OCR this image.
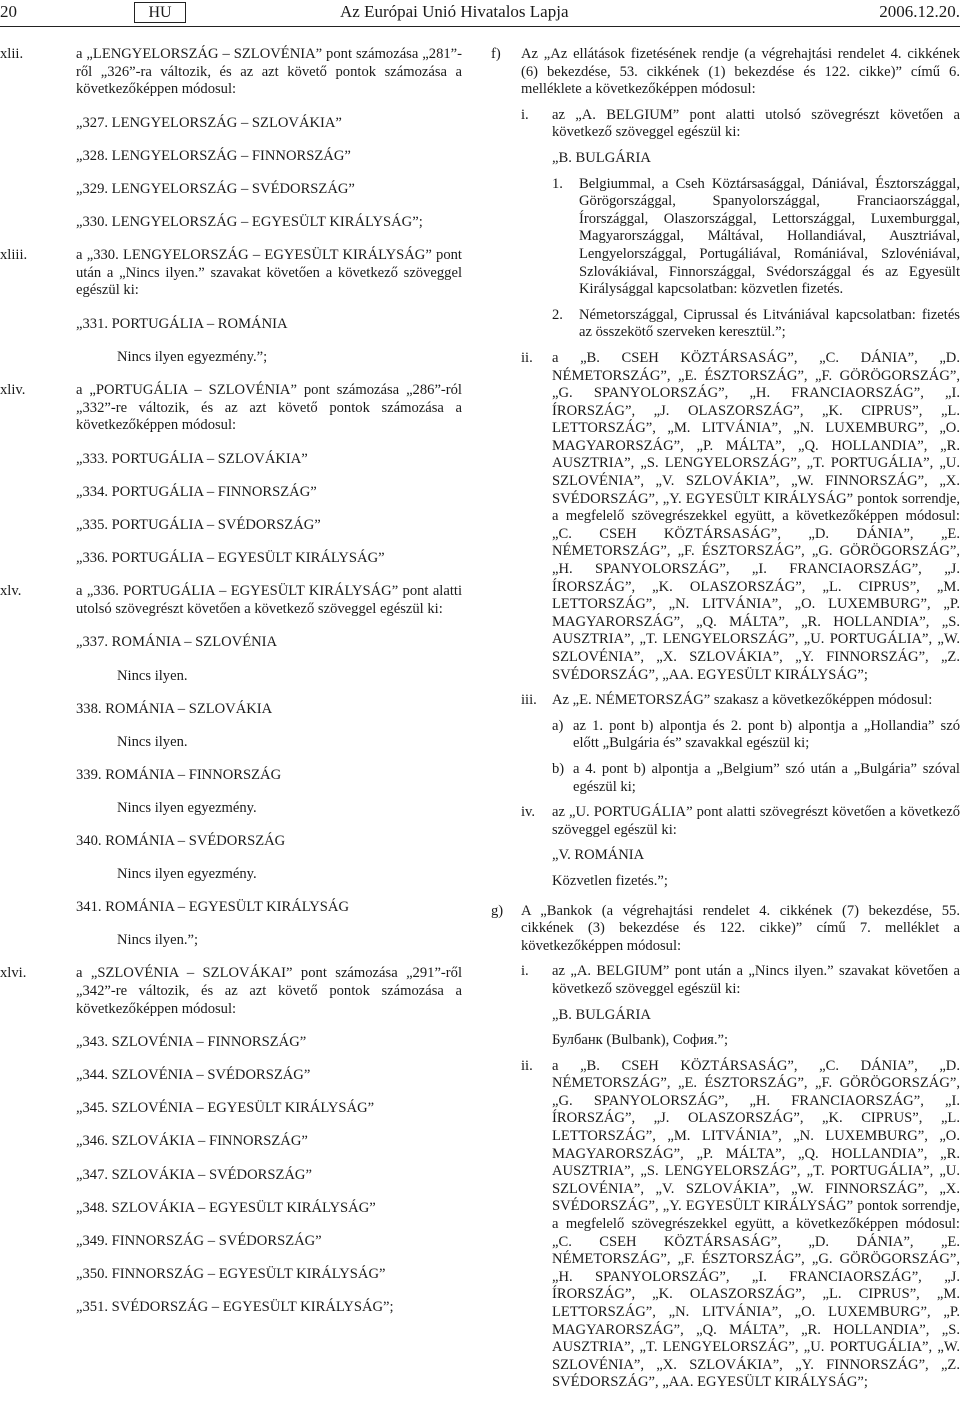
20	HU	Az Európai Unió Hivatalos Lapja	2006.12.20.
xlii.	a „LENGYELORSZÁG – SZLOVÉNIA” pont számozása „281”-ről „326”-ra változik, és az azt követő pontok számozása a következőképpen módosul:
„327. LENGYELORSZÁG – SZLOVÁKIA”
„328. LENGYELORSZÁG – FINNORSZÁG”
„329. LENGYELORSZÁG – SVÉDORSZÁG”
„330. LENGYELORSZÁG – EGYESÜLT KIRÁLYSÁG”;
xliii.	a „330. LENGYELORSZÁG – EGYESÜLT KIRÁLYSÁG” pont után a „Nincs ilyen.” szavakat követően a következő szöveggel egészül ki:
„331. PORTUGÁLIA – ROMÁNIA
Nincs ilyen egyezmény.”;
xliv.	a „PORTUGÁLIA – SZLOVÉNIA” pont számozása „286”-ról „332”-re változik, és az azt követő pontok számozása a következőképpen módosul:
„333. PORTUGÁLIA – SZLOVÁKIA”
„334. PORTUGÁLIA – FINNORSZÁG”
„335. PORTUGÁLIA – SVÉDORSZÁG”
„336. PORTUGÁLIA – EGYESÜLT KIRÁLYSÁG”
xlv.	a „336. PORTUGÁLIA – EGYESÜLT KIRÁLYSÁG” pont alatti utolsó szövegrészt követően a következő szöveggel egészül ki:
„337. ROMÁNIA – SZLOVÉNIA
Nincs ilyen.
338. ROMÁNIA – SZLOVÁKIA
Nincs ilyen.
339. ROMÁNIA – FINNORSZÁG
Nincs ilyen egyezmény.
340. ROMÁNIA – SVÉDORSZÁG
Nincs ilyen egyezmény.
341. ROMÁNIA – EGYESÜLT KIRÁLYSÁG
Nincs ilyen.”;
xlvi.	a „SZLOVÉNIA – SZLOVÁKAI” pont számozása „291”-ről „342”-re változik, és az azt követő pontok számozása a következőképpen módosul:
„343. SZLOVÉNIA – FINNORSZÁG”
„344. SZLOVÉNIA – SVÉDORSZÁG”
„345. SZLOVÉNIA – EGYESÜLT KIRÁLYSÁG”
„346. SZLOVÁKIA – FINNORSZÁG”
„347. SZLOVÁKIA – SVÉDORSZÁG”
„348. SZLOVÁKIA – EGYESÜLT KIRÁLYSÁG”
„349. FINNORSZÁG – SVÉDORSZÁG”
„350. FINNORSZÁG – EGYESÜLT KIRÁLYSÁG”
„351. SVÉDORSZÁG – EGYESÜLT KIRÁLYSÁG”;
f) Az „Az ellátások fizetésének rendje (a végrehajtási rendelet 4. cikkének (6) bekezdése, 53. cikkének (1) bekezdése és 122. cikke)” című 6. melléklete a következőképpen módosul:
i. az „A. BELGIUM” pont alatti utolsó szövegrészt követően a következő szöveggel egészül ki:
„B. BULGÁRIA
1. Belgiummal, a Cseh Köztársasággal, Dániával, Észtországgal, Görögországgal, Spanyolországgal, Franciaországgal, Írországgal, Olaszországgal, Lettországgal, Luxemburggal, Magyarországgal, Máltával, Hollandiával, Ausztriával, Lengyelországgal, Portugáliával, Romániával, Szlovéniával, Szlovákiával, Finnországgal, Svédországgal és az Egyesült Királysággal kapcsolatban: közvetlen fizetés.
2. Németországgal, Ciprussal és Litvániával kapcsolatban: fizetés az összekötő szerveken keresztül.”;
ii. a „B. CSEH KÖZTÁRSASÁG”, „C. DÁNIA”, „D. NÉMETORSZÁG”, „E. ÉSZTORSZÁG”, „F. GÖRÖGORSZÁG”, „G. SPANYOLORSZÁG”, „H. FRANCIAORSZÁG”, „I. ÍRORSZÁG”, „J. OLASZORSZÁG”, „K. CIPRUS”, „L. LETTORSZÁG”, „M. LITVÁNIA”, „N. LUXEMBURG”, „O. MAGYARORSZÁG”, „P. MÁLTA”, „Q. HOLLANDIA”, „R. AUSZTRIA”, „S. LENGYELORSZÁG”, „T. PORTUGÁLIA”, „U. SZLOVÉNIA”, „V. SZLOVÁKIA”, „W. FINNORSZÁG”, „X. SVÉDORSZÁG”, „Y. EGYESÜLT KIRÁLYSÁG” pontok sorrendje, a megfelelő szövegrészekkel együtt, a következőképpen módosul: „C. CSEH KÖZTÁRSASÁG”, „D. DÁNIA”, „E. NÉMETORSZÁG”, „F. ÉSZTORSZÁG”, „G. GÖRÖGORSZÁG”, „H. SPANYOLORSZÁG”, „I. FRANCIAORSZÁG”, „J. ÍRORSZÁG”, „K. OLASZORSZÁG”, „L. CIPRUS”, „M. LETTORSZÁG”, „N. LITVÁNIA”, „O. LUXEMBURG”, „P. MAGYARORSZÁG”, „Q. MÁLTA”, „R. HOLLANDIA”, „S. AUSZTRIA”, „T. LENGYELORSZÁG”, „U. PORTUGÁLIA”, „W. SZLOVÉNIA”, „X. SZLOVÁKIA”, „Y. FINNORSZÁG”, „Z. SVÉDORSZÁG”, „AA. EGYESÜLT KIRÁLYSÁG”;
iii. Az „E. NÉMETORSZÁG” szakasz a következőképpen módosul:
a) az 1. pont b) alpontja és 2. pont b) alpontja a „Hollandia” szó előtt „Bulgária és” szavakkal egészül ki;
b) a 4. pont b) alpontja a „Belgium” szó után a „Bulgária” szóval egészül ki;
iv. az „U. PORTUGÁLIA” pont alatti szövegrészt követően a következő szöveggel egészül ki:
„V. ROMÁNIA
Közvetlen fizetés.”;
g) A „Bankok (a végrehajtási rendelet 4. cikkének (7) bekezdése, 55. cikkének (3) bekezdése és 122. cikke)” című 7. melléklet a következőképpen módosul:
i. az „A. BELGIUM” pont után a „Nincs ilyen.” szavakat követően a következő szöveggel egészül ki:
„B. BULGÁRIA
Булбанк (Bulbank), София.”;
ii. a „B. CSEH KÖZTÁRSASÁG”, „C. DÁNIA”, „D. NÉMETORSZÁG”, „E. ÉSZTORSZÁG”, „F. GÖRÖGORSZÁG”, „G. SPANYOLORSZÁG”, „H. FRANCIAORSZÁG”, „I. ÍRORSZÁG”, „J. OLASZORSZÁG”, „K. CIPRUS”, „L. LETTORSZÁG”, „M. LITVÁNIA”, „N. LUXEMBURG”, „O. MAGYARORSZÁG”, „P. MÁLTA”, „Q. HOLLANDIA”, „R. AUSZTRIA”, „S. LENGYELORSZÁG”, „T. PORTUGÁLIA”, „U. SZLOVÉNIA”, „V. SZLOVÁKIA”, „W. FINNORSZÁG”, „X. SVÉDORSZÁG”, „Y. EGYESÜLT KIRÁLYSÁG” pontok sorrendje, a megfelelő szövegrészekkel együtt, a következőképpen módosul: „C. CSEH KÖZTÁRSASÁG”, „D. DÁNIA”, „E. NÉMETORSZÁG”, „F. ÉSZTORSZÁG”, „G. GÖRÖGORSZÁG”, „H. SPANYOLORSZÁG”, „I. FRANCIAORSZÁG”, „J. ÍRORSZÁG”, „K. OLASZORSZÁG”, „L. CIPRUS”, „M. LETTORSZÁG”, „N. LITVÁNIA”, „O. LUXEMBURG”, „P. MAGYARORSZÁG”, „Q. MÁLTA”, „R. HOLLANDIA”, „S. AUSZTRIA”, „T. LENGYELORSZÁG”, „U. PORTUGÁLIA”, „W. SZLOVÉNIA”, „X. SZLOVÁKIA”, „Y. FINNORSZÁG”, „Z. SVÉDORSZÁG”, „AA. EGYESÜLT KIRÁLYSÁG”;
